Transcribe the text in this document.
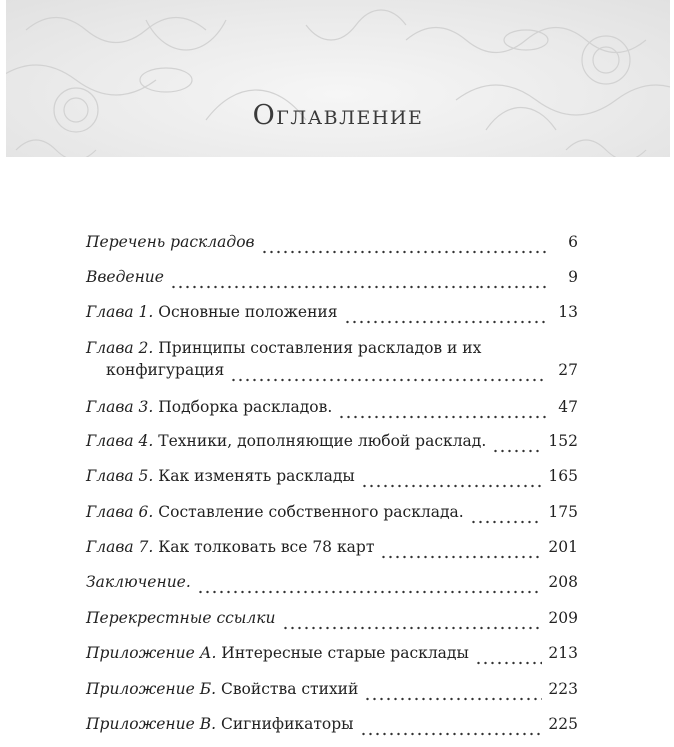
Оглавление
Перечень раскладов	6
Введение	9
Глава 1. Основные положения	13
Глава 2. Принципы составления раскладов и их
конфигурация	27
Глава 3. Подборка раскладов.	47
Глава 4. Техники, дополняющие любой расклад.	152
Глава 5. Как изменять расклады	165
Глава 6. Составление собственного расклада.	175
Глава 7. Как толковать все 78 карт	201
Заключение.	208
Перекрестные ссылки	209
Приложение А. Интересные старые расклады	213
Приложение Б. Свойства стихий	223
Приложение В. Сигнификаторы	225
